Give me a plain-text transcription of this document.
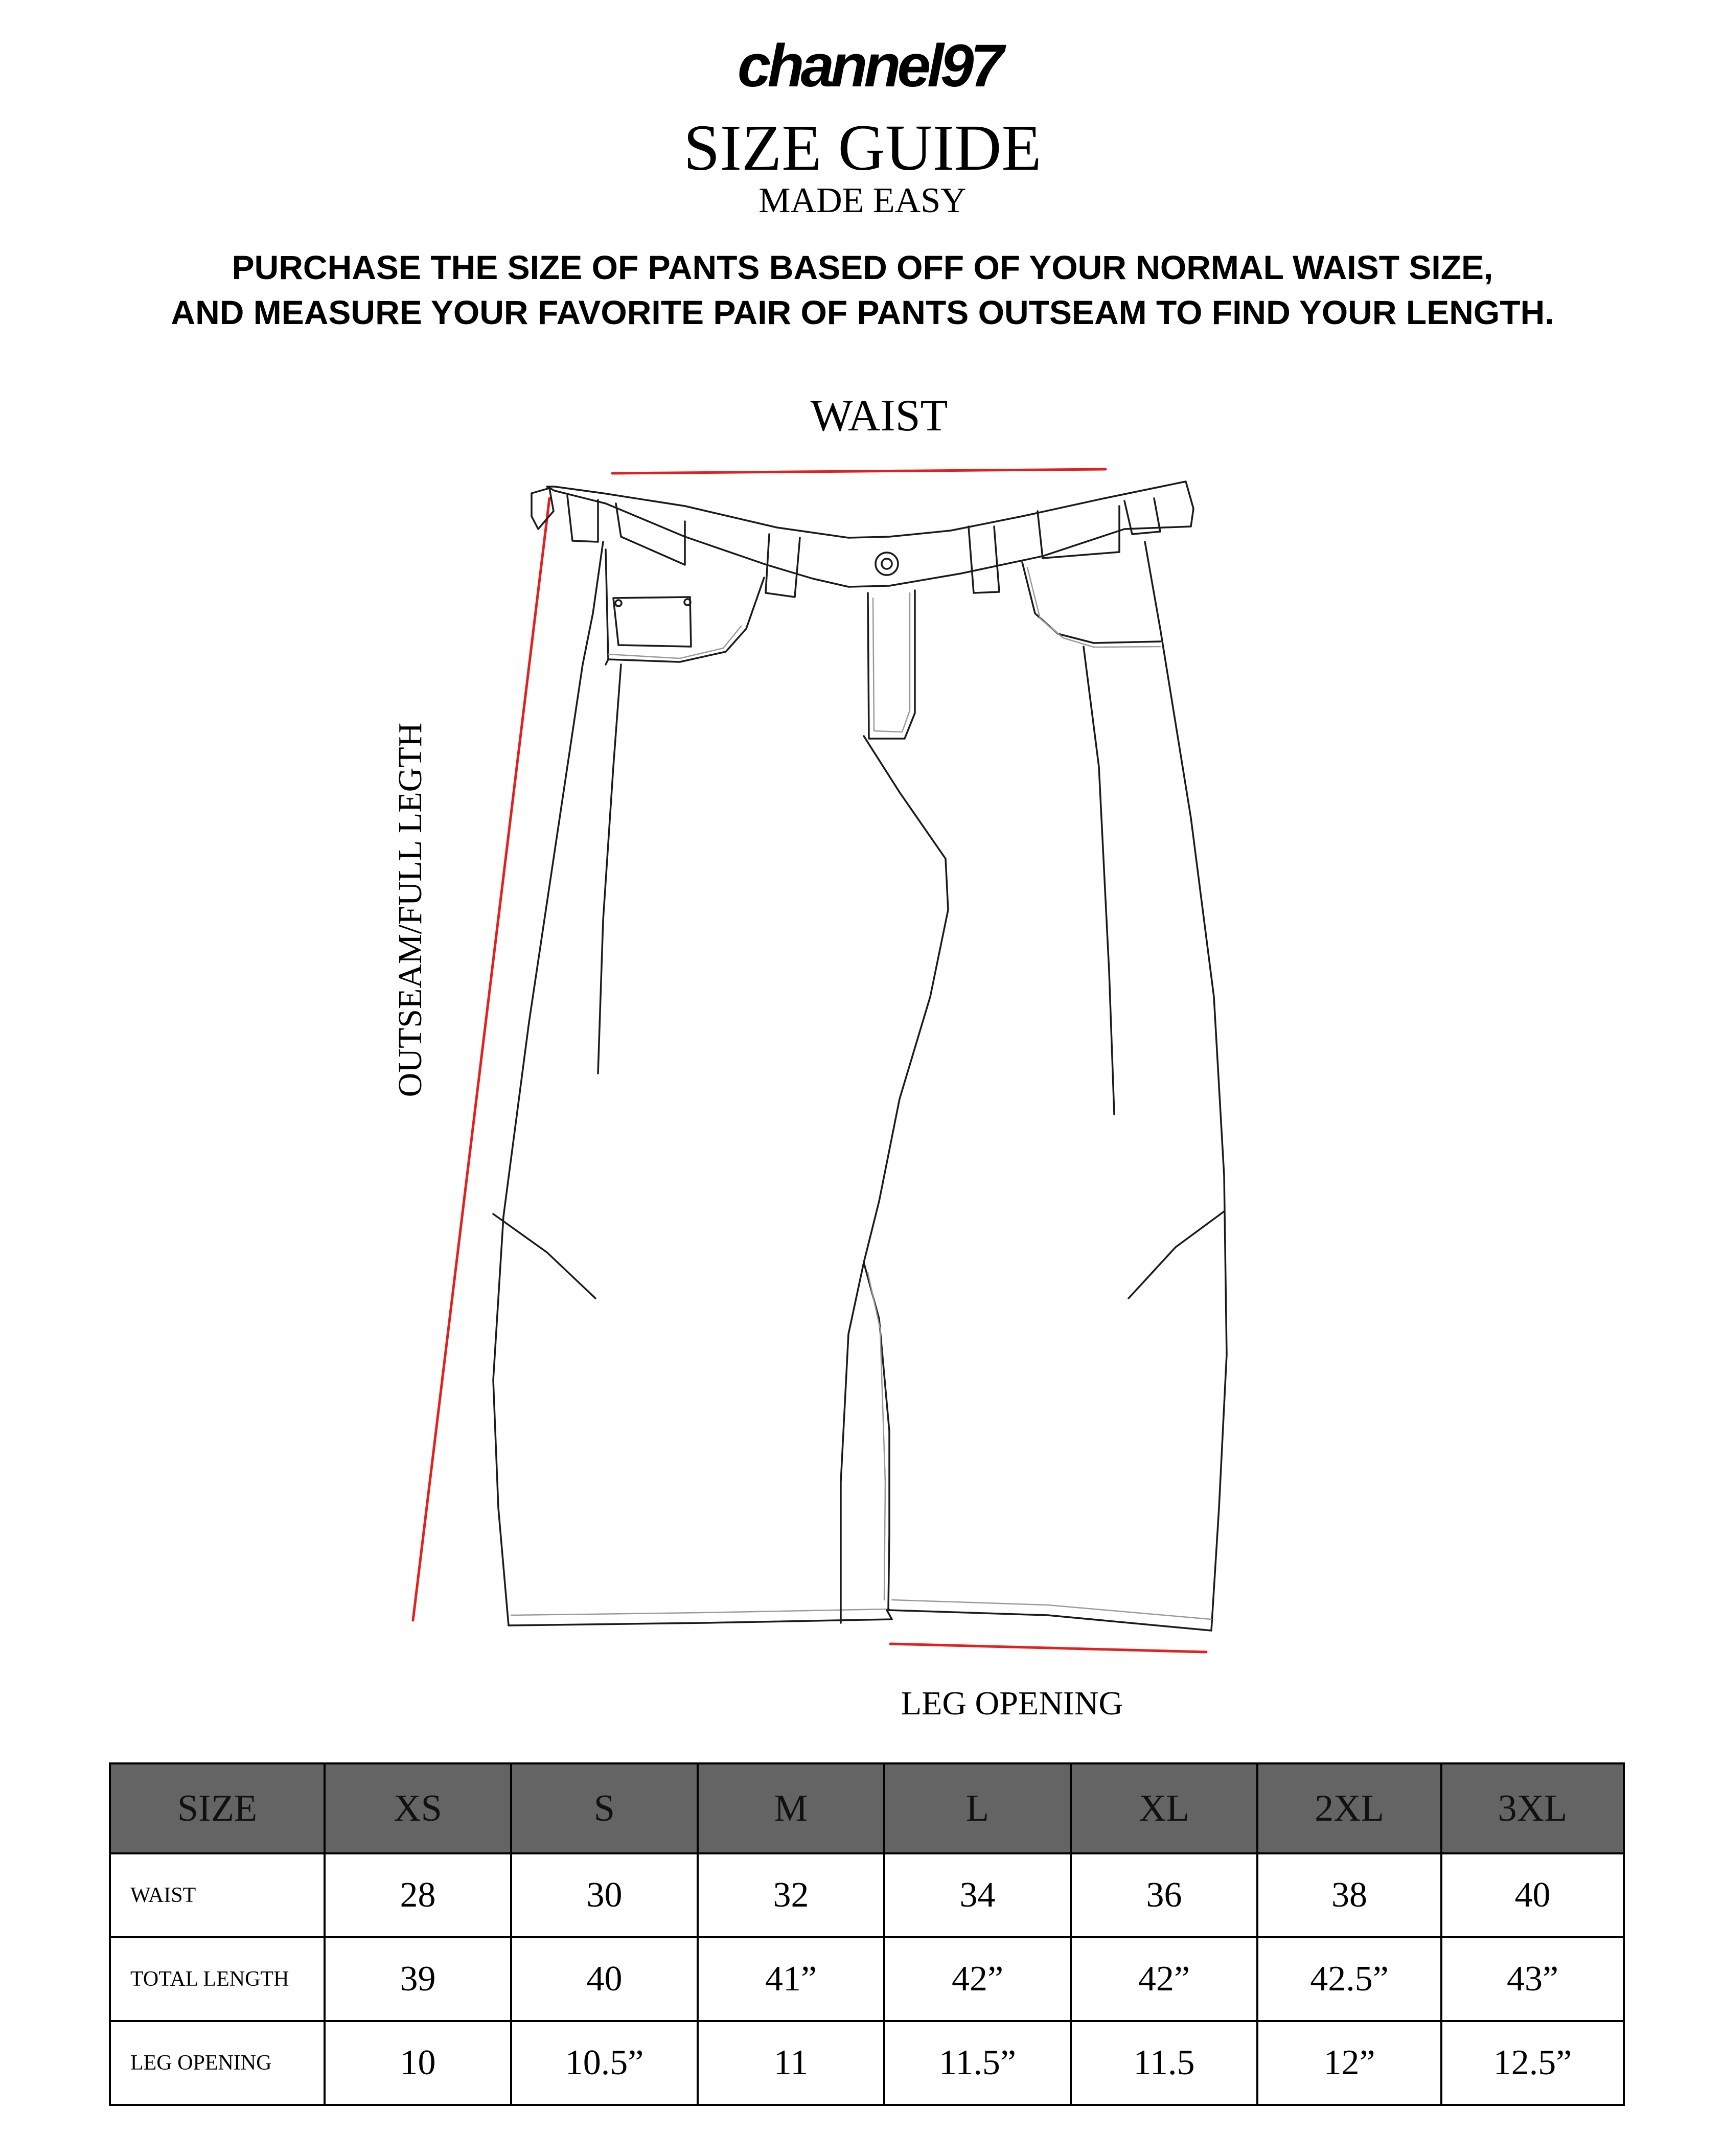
channel97
SIZE GUIDE
MADE EASY
PURCHASE THE SIZE OF PANTS BASED OFF OF YOUR NORMAL WAIST SIZE,
AND MEASURE YOUR FAVORITE PAIR OF PANTS OUTSEAM TO FIND YOUR LENGTH.
WAIST
OUTSEAM/FULL LEGTH
LEG OPENING
SIZE	XS	S	M	L	XL	2XL	3XL
WAIST	28	30	32	34	36	38	40
TOTAL LENGTH	39	40	41”	42”	42”	42.5”	43”
LEG OPENING	10	10.5”	11	11.5”	11.5	12”	12.5”
